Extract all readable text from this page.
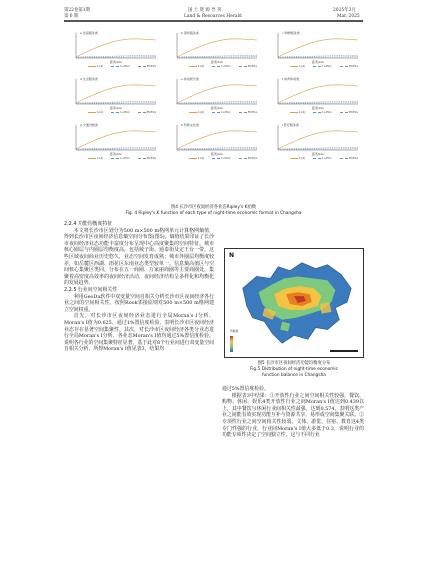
第22卷第1期
第 6 期
国 土 资 源 导 刊
Land & Resources Herald
2025年3月
Mar. 2025
a 住宿服务类
距离/km
L(d)	LoEnv	HiEnv
b 餐饮服务类
距离/km
L(d)	LoEnv	HiEnv
c 购物服务类
距离/km
L(d)	LoEnv	HiEnv
d 生活服务类
距离/km
L(d)	LoEnv	HiEnv
e 休闲娱乐类
距离/km
L(d)	LoEnv	HiEnv
f 体育休闲类
距离/km
L(d)	LoEnv	HiEnv
g 交通设施类
距离/km
L(d)	LoEnv	HiEnv
h 科教文化类
距离/km
L(d)	LoEnv	HiEnv
i 医疗服务类
距离/km
L(d)	LoEnv	HiEnv
图4 长沙市区夜间经济各业态Ripley's K函数
Fig. 4 Ripley's K function of each type of night-time economic format in Changsha
2.2.4 功能均衡度特征

本文将长沙市区划分为500 m×500 m格网单元计算格网熵值，得到长沙市区夜间经济信息熵空间分布图(图5)。熵值结果印证了长沙市夜间经济业态功能丰富度分布呈现中心高度聚集的空间特征。城市核心圈层与内圈层均衡度高，包括城子街、通泰街及定王台一带，这些区域夜间商业历史悠久，业态空间发育成熟；城市外圈层均衡度较差，如岳麓区西湖、雨花区东南业态类型较单一。信息熵高值区与空间核心集聚区类同，分布在五一商圈、万家丽商圈等主要商圈处，集聚着高密度高效率的夜间经济活动，夜间经济结构呈多样化和均衡化的发展趋势。

2.2.5 行业间空间相关性

利用GeoDa软件中双变量空间自相关分析长沙市区夜间经济各行业之间的空间相关性，按照Rook邻接原则对500 m×500 m格网建立空间权重。

首先，对长沙市区夜间经济业态进行全局Moran's I分析，Moran's I值为0.625，通过1%置信度检验，表明长沙市区夜间经济业态存在显著空间集聚性。其次，对长沙市区夜间经济各类分业态进行全局Moran's I分析，各业态Moran's I值均通过5%置信度检验，说明各行业的空间集聚特征显著。基于此对8个行业间进行双变量空间自相关分析，所得Moran's I值见表3，结果均

N
均衡度
图5 长沙市区夜间经济功能均衡度分布
Fig.5 Distribution of night-time economic
function balance in Changsha

通过5%置信度检验。

根据表3中结果：①开放性行业之间空间相关性较强。餐饮、购物、休闲、娱乐4类开放性行业之间Moran's I值达到0.439以上，其中餐饮与休闲行业间相关性最强，达到0.574，表明这类产业之间能有效实现功能互补与资源共享，易形成空间集聚关联。②专项性行业之间空间相关性较弱。文体、游览、住宿、教育这4类专门性强的行业，行业间Moran's I值大多低于0.3，说明行业的功能专项性决定了空间独立性，这与不同行业
